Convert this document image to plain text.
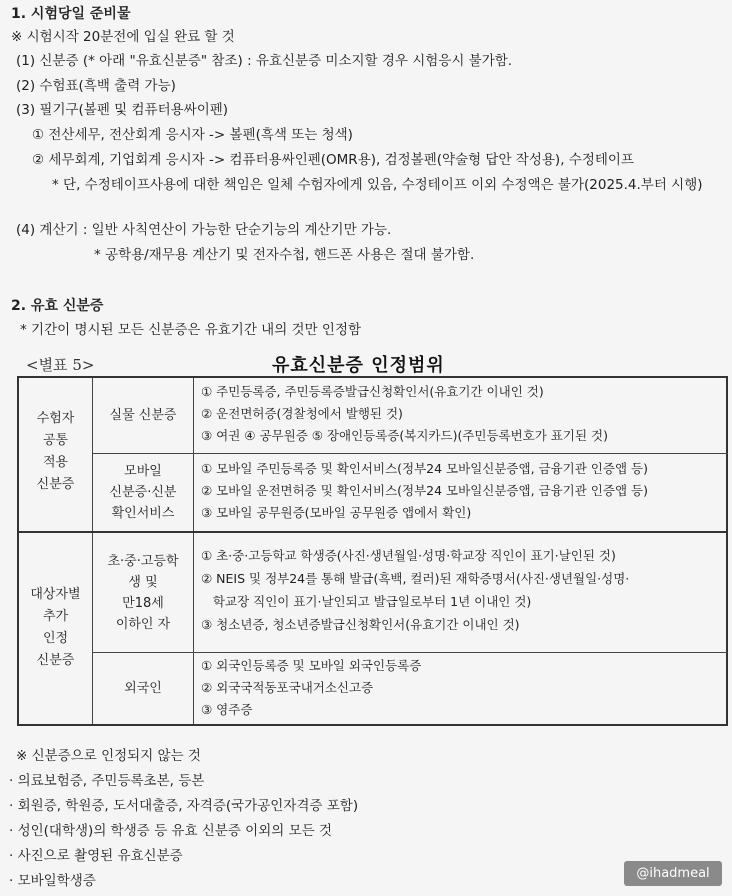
1. 시험당일 준비물
※ 시험시작 20분전에 입실 완료 할 것
(1) 신분증 (* 아래 "유효신분증" 참조) : 유효신분증 미소지할 경우 시험응시 불가함.
(2) 수험표(흑백 출력 가능)
(3) 필기구(볼펜 및 컴퓨터용싸이펜)
① 전산세무, 전산회계 응시자 -> 볼펜(흑색 또는 청색)
② 세무회계, 기업회계 응시자 -> 컴퓨터용싸인펜(OMR용), 검정볼펜(약술형 답안 작성용), 수정테이프
* 단, 수정테이프사용에 대한 책임은 일체 수험자에게 있음, 수정테이프 이외 수정액은 불가(2025.4.부터 시행)
(4) 계산기 : 일반 사칙연산이 가능한 단순기능의 계산기만 가능.
* 공학용/재무용 계산기 및 전자수첩, 핸드폰 사용은 절대 불가함.
2. 유효 신분증
* 기간이 명시된 모든 신분증은 유효기간 내의 것만 인정함
<별표 5>	유효신분증 인정범위
수험자
공통
적용
신분증
실물 신분증
① 주민등록증, 주민등록증발급신청확인서(유효기간 이내인 것)
② 운전면허증(경찰청에서 발행된 것)
③ 여권 ④ 공무원증 ⑤ 장애인등록증(복지카드)(주민등록번호가 표기된 것)
모바일
신분증·신분
확인서비스
① 모바일 주민등록증 및 확인서비스(정부24 모바일신분증앱, 금융기관 인증앱 등)
② 모바일 운전면허증 및 확인서비스(정부24 모바일신분증앱, 금융기관 인증앱 등)
③ 모바일 공무원증(모바일 공무원증 앱에서 확인)
대상자별
추가
인정
신분증
초·중·고등학
생 및
만18세
이하인 자
① 초·중·고등학교 학생증(사진·생년월일·성명·학교장 직인이 표기·날인된 것)
② NEIS 및 정부24를 통해 발급(흑백, 컬러)된 재학증명서(사진·생년월일·성명·
학교장 직인이 표기·날인되고 발급일로부터 1년 이내인 것)
③ 청소년증, 청소년증발급신청확인서(유효기간 이내인 것)
외국인
① 외국인등록증 및 모바일 외국인등록증
② 외국국적동포국내거소신고증
③ 영주증
※ 신분증으로 인정되지 않는 것
· 의료보험증, 주민등록초본, 등본
· 회원증, 학원증, 도서대출증, 자격증(국가공인자격증 포함)
· 성인(대학생)의 학생증 등 유효 신분증 이외의 모든 것
· 사진으로 촬영된 유효신분증
· 모바일학생증	@ihadmeal
